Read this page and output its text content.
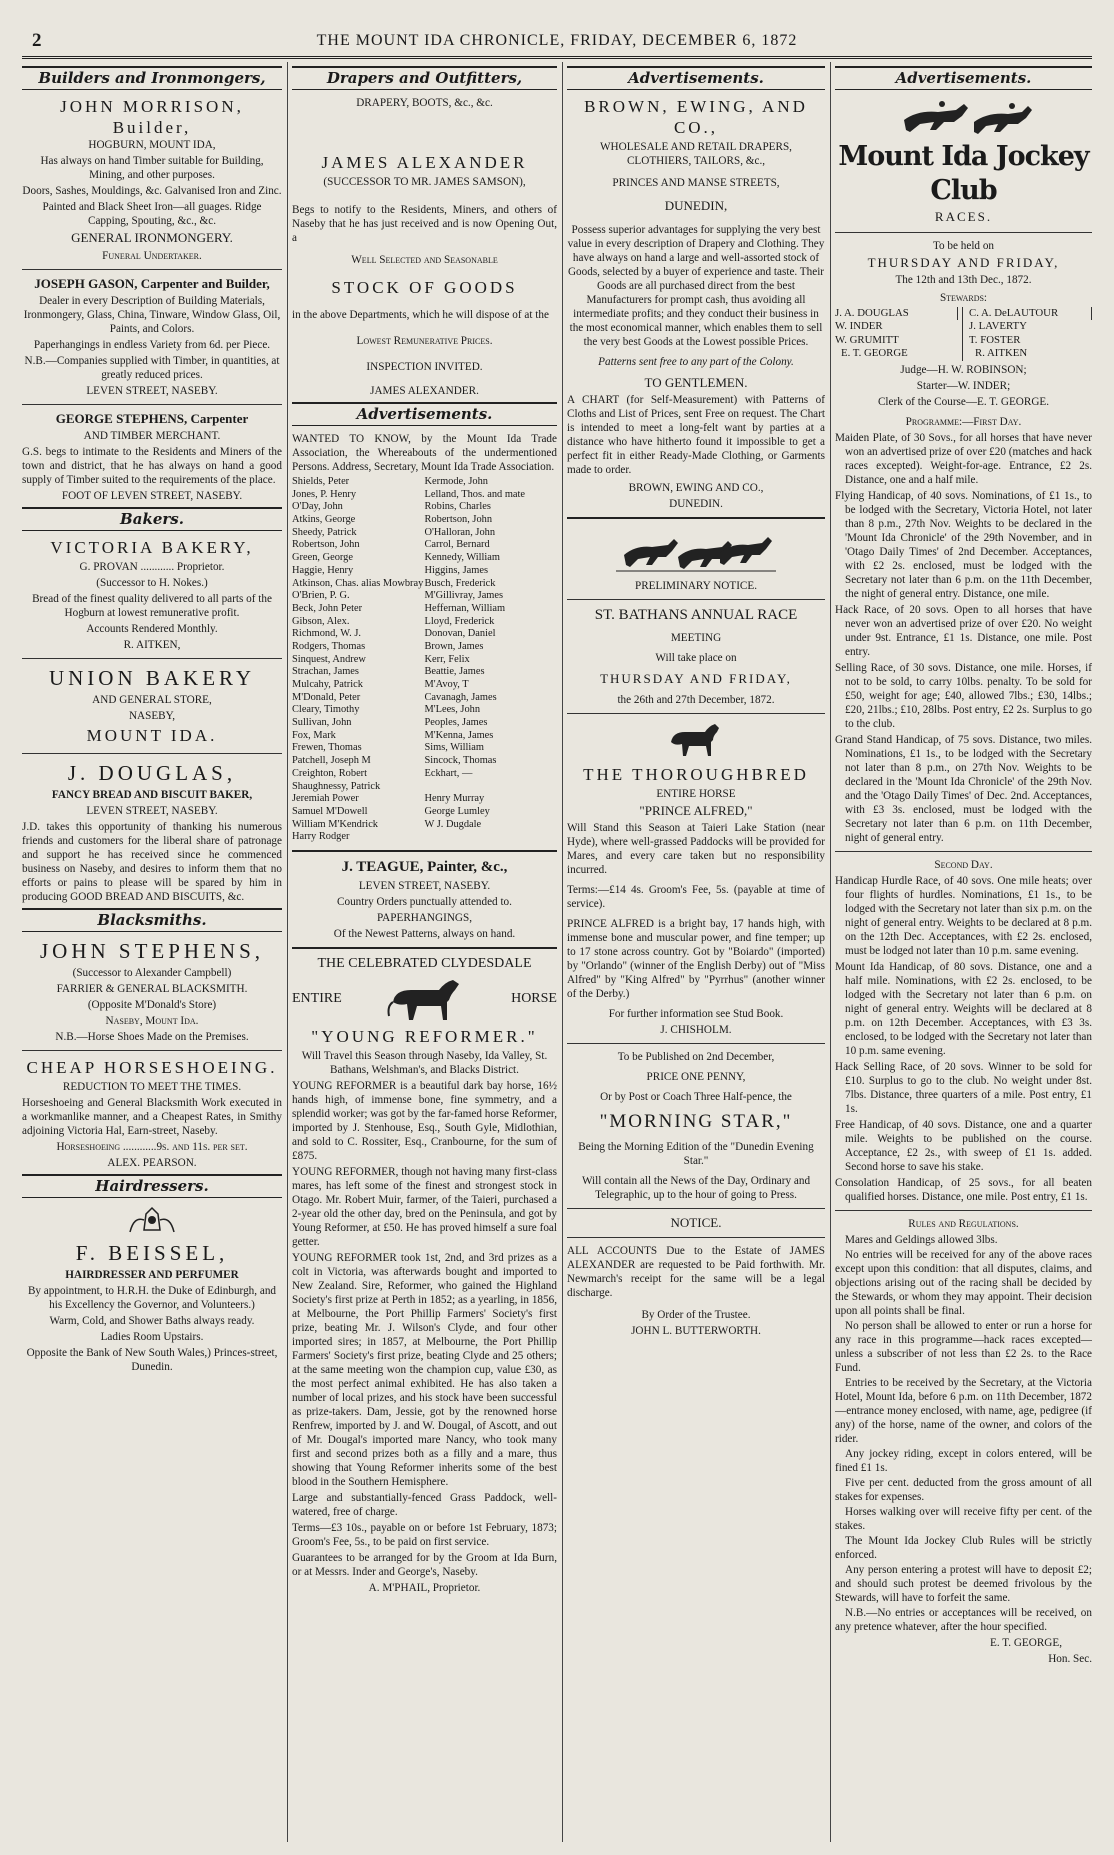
2	THE MOUNT IDA CHRONICLE, FRIDAY, DECEMBER 6, 1872
Builders and Ironmongers,
JOHN MORRISON, Builder,
HOGBURN, MOUNT IDA,

Has always on hand Timber suitable for Building, Mining, and other purposes.

Doors, Sashes, Mouldings, &c. Galvanised Iron and Zinc.

Painted and Black Sheet Iron—all guages. Ridge Capping, Spouting, &c., &c.

GENERAL IRONMONGERY.

Funeral Undertaker.

JOSEPH GASON, Carpenter and Builder,

Dealer in every Description of Building Materials, Ironmongery, Glass, China, Tinware, Window Glass, Oil, Paints, and Colors.

Paperhangings in endless Variety from 6d. per Piece.

N.B.—Companies supplied with Timber, in quantities, at greatly reduced prices.

LEVEN STREET, NASEBY.

GEORGE STEPHENS, Carpenter

AND TIMBER MERCHANT.

G.S. begs to intimate to the Residents and Miners of the town and district, that he has always on hand a good supply of Timber suited to the requirements of the place.

FOOT OF LEVEN STREET, NASEBY.

Bakers.
VICTORIA BAKERY,

G. PROVAN ............ Proprietor.

(Successor to H. Nokes.)

Bread of the finest quality delivered to all parts of the Hogburn at lowest remunerative profit.

Accounts Rendered Monthly.

R. AITKEN,

UNION BAKERY

AND GENERAL STORE,

NASEBY,

MOUNT IDA.

J. DOUGLAS,

FANCY BREAD AND BISCUIT BAKER,

LEVEN STREET, NASEBY.

J.D. takes this opportunity of thanking his numerous friends and customers for the liberal share of patronage and support he has received since he commenced business on Naseby, and desires to inform them that no efforts or pains to please will be spared by him in producing GOOD BREAD AND BISCUITS, &c.

Blacksmiths.
JOHN STEPHENS,

(Successor to Alexander Campbell)

FARRIER & GENERAL BLACKSMITH.

(Opposite M'Donald's Store)

Naseby, Mount Ida.

N.B.—Horse Shoes Made on the Premises.

CHEAP HORSESHOEING.

REDUCTION TO MEET THE TIMES.

Horseshoeing and General Blacksmith Work executed in a workmanlike manner, and a Cheapest Rates, in Smithy adjoining Victoria Hal, Earn-street, Naseby.

Horseshoeing ............9s. and 11s. per set.

ALEX. PEARSON.

Hairdressers.
F. BEISSEL,

HAIRDRESSER AND PERFUMER

By appointment, to H.R.H. the Duke of Edinburgh, and his Excellency the Governor, and Volunteers.)

Warm, Cold, and Shower Baths always ready.

Ladies Room Upstairs.

Opposite the Bank of New South Wales,) Princes-street, Dunedin.

Drapers and Outfitters,

DRAPERY, BOOTS, &c., &c.

JAMES ALEXANDER

(SUCCESSOR TO MR. JAMES SAMSON),

Begs to notify to the Residents, Miners, and others of Naseby that he has just received and is now Opening Out, a

Well Selected and Seasonable

STOCK OF GOODS

in the above Departments, which he will dispose of at the

Lowest Remunerative Prices.

INSPECTION INVITED.

JAMES ALEXANDER.

Advertisements.

WANTED TO KNOW, by the Mount Ida Trade Association, the Whereabouts of the undermentioned Persons. Address, Secretary, Mount Ida Trade Association.

Shields, Peter
Jones, P. Henry
O'Day, John
Atkins, George
Sheedy, Patrick
Robertson, John
Green, George
Haggie, Henry
Atkinson, Chas. alias Mowbray
O'Brien, P. G.
Beck, John Peter
Gibson, Alex.
Richmond, W. J.
Rodgers, Thomas
Sinquest, Andrew
Strachan, James
Mulcahy, Patrick
M'Donald, Peter
Cleary, Timothy
Sullivan, John
Fox, Mark
Frewen, Thomas
Patchell, Joseph M
Creighton, Robert
Shaughnessy, Patrick
Jeremiah Power
Samuel M'Dowell
William M'Kendrick
Harry Rodger
Kermode, John
Lelland, Thos. and mate
Robins, Charles
Robertson, John
O'Halloran, John
Carrol, Bernard
Kennedy, William
Higgins, James
Busch, Frederick
M'Gillivray, James
Heffernan, William
Lloyd, Frederick
Donovan, Daniel
Brown, James
Kerr, Felix
Beattie, James
M'Avoy, T
Cavanagh, James
M'Lees, John
Peoples, James
M'Kenna, James
Sims, William
Sincock, Thomas
Eckhart, —

Henry Murray
George Lumley
W J. Dugdale
J. TEAGUE, Painter, &c.,

LEVEN STREET, NASEBY.

Country Orders punctually attended to.

PAPERHANGINGS,

Of the Newest Patterns, always on hand.

THE CELEBRATED CLYDESDALE
ENTIRE	HORSE
"YOUNG REFORMER."

Will Travel this Season through Naseby, Ida Valley, St. Bathans, Welshman's, and Blacks District.

YOUNG REFORMER is a beautiful dark bay horse, 16½ hands high, of immense bone, fine symmetry, and a splendid worker; was got by the far-famed horse Reformer, imported by J. Stenhouse, Esq., South Gyle, Midlothian, and sold to C. Rossiter, Esq., Cranbourne, for the sum of £875.

YOUNG REFORMER, though not having many first-class mares, has left some of the finest and strongest stock in Otago. Mr. Robert Muir, farmer, of the Taieri, purchased a 2-year old the other day, bred on the Peninsula, and got by Young Reformer, at £50. He has proved himself a sure foal getter.

YOUNG REFORMER took 1st, 2nd, and 3rd prizes as a colt in Victoria, was afterwards bought and imported to New Zealand. Sire, Reformer, who gained the Highland Society's first prize at Perth in 1852; as a yearling, in 1856, at Melbourne, the Port Phillip Farmers' Society's first prize, beating Mr. J. Wilson's Clyde, and four other imported sires; in 1857, at Melbourne, the Port Phillip Farmers' Society's first prize, beating Clyde and 25 others; at the same meeting won the champion cup, value £30, as the most perfect animal exhibited. He has also taken a number of local prizes, and his stock have been successful as prize-takers. Dam, Jessie, got by the renowned horse Renfrew, imported by J. and W. Dougal, of Ascott, and out of Mr. Dougal's imported mare Nancy, who took many first and second prizes both as a filly and a mare, thus showing that Young Reformer inherits some of the best blood in the Southern Hemisphere.

Large and substantially-fenced Grass Paddock, well-watered, free of charge.

Terms—£3 10s., payable on or before 1st February, 1873; Groom's Fee, 5s., to be paid on first service.

Guarantees to be arranged for by the Groom at Ida Burn, or at Messrs. Inder and George's, Naseby.

A. M'PHAIL, Proprietor.

Advertisements.
BROWN, EWING, AND CO.,

WHOLESALE AND RETAIL DRAPERS, CLOTHIERS, TAILORS, &c.,

PRINCES AND MANSE STREETS,

DUNEDIN,

Possess superior advantages for supplying the very best value in every description of Drapery and Clothing. They have always on hand a large and well-assorted stock of Goods, selected by a buyer of experience and taste. Their Goods are all purchased direct from the best Manufacturers for prompt cash, thus avoiding all intermediate profits; and they conduct their business in the most economical manner, which enables them to sell the very best Goods at the Lowest possible Prices.

Patterns sent free to any part of the Colony.

TO GENTLEMEN.

A CHART (for Self-Measurement) with Patterns of Cloths and List of Prices, sent Free on request. The Chart is intended to meet a long-felt want by parties at a distance who have hitherto found it impossible to get a perfect fit in either Ready-Made Clothing, or Garments made to order.

BROWN, EWING AND CO.,

DUNEDIN.

PRELIMINARY NOTICE.

ST. BATHANS ANNUAL RACE

MEETING

Will take place on

THURSDAY AND FRIDAY,

the 26th and 27th December, 1872.

THE THOROUGHBRED

ENTIRE HORSE

"PRINCE ALFRED,"

Will Stand this Season at Taieri Lake Station (near Hyde), where well-grassed Paddocks will be provided for Mares, and every care taken but no responsibility incurred.

Terms:—£14 4s. Groom's Fee, 5s. (payable at time of service).

PRINCE ALFRED is a bright bay, 17 hands high, with immense bone and muscular power, and fine temper; up to 17 stone across country. Got by "Boiardo" (imported) by "Orlando" (winner of the English Derby) out of "Miss Alfred" by "King Alfred" by "Pyrrhus" (another winner of the Derby.)

For further information see Stud Book.

J. CHISHOLM.

To be Published on 2nd December,

PRICE ONE PENNY,

Or by Post or Coach Three Half-pence, the

"MORNING STAR,"

Being the Morning Edition of the "Dunedin Evening Star."

Will contain all the News of the Day, Ordinary and Telegraphic, up to the hour of going to Press.

NOTICE.

ALL ACCOUNTS Due to the Estate of JAMES ALEXANDER are requested to be Paid forthwith. Mr. Newmarch's receipt for the same will be a legal discharge.

By Order of the Trustee.

JOHN L. BUTTERWORTH.

Advertisements.
Mount Ida Jockey Club

RACES.

To be held on

THURSDAY AND FRIDAY,

The 12th and 13th Dec., 1872.

Stewards:

J. A. DOUGLAS
W. INDER
W. GRUMITT
E. T. GEORGE
C. A. DeLAUTOUR
J. LAVERTY
T. FOSTER
R. AITKEN

Judge—H. W. ROBINSON;

Starter—W. INDER;

Clerk of the Course—E. T. GEORGE.

Programme:—First Day.

Maiden Plate, of 30 Sovs., for all horses that have never won an advertised prize of over £20 (matches and hack races excepted). Weight-for-age. Entrance, £2 2s. Distance, one and a half mile.
Flying Handicap, of 40 sovs. Nominations, of £1 1s., to be lodged with the Secretary, Victoria Hotel, not later than 8 p.m., 27th Nov. Weights to be declared in the 'Mount Ida Chronicle' of the 29th November, and in 'Otago Daily Times' of 2nd December. Acceptances, with £2 2s. enclosed, must be lodged with the Secretary not later than 6 p.m. on the 11th December, the night of general entry. Distance, one mile.
Hack Race, of 20 sovs. Open to all horses that have never won an advertised prize of over £20. No weight under 9st. Entrance, £1 1s. Distance, one mile. Post entry.
Selling Race, of 30 sovs. Distance, one mile. Horses, if not to be sold, to carry 10lbs. penalty. To be sold for £50, weight for age; £40, allowed 7lbs.; £30, 14lbs.; £20, 21lbs.; £10, 28lbs. Post entry, £2 2s. Surplus to go to the club.
Grand Stand Handicap, of 75 sovs. Distance, two miles. Nominations, £1 1s., to be lodged with the Secretary not later than 8 p.m., on 27th Nov. Weights to be declared in the 'Mount Ida Chronicle' of the 29th Nov. and the 'Otago Daily Times' of Dec. 2nd. Acceptances, with £3 3s. enclosed, must be lodged with the Secretary not later than 6 p.m. on 11th December, night of general entry.

Second Day.

Handicap Hurdle Race, of 40 sovs. One mile heats; over four flights of hurdles. Nominations, £1 1s., to be lodged with the Secretary not later than six p.m. on the night of general entry. Weights to be declared at 8 p.m. on the 12th Dec. Acceptances, with £2 2s. enclosed, must be lodged not later than 10 p.m. same evening.
Mount Ida Handicap, of 80 sovs. Distance, one and a half mile. Nominations, with £2 2s. enclosed, to be lodged with the Secretary not later than 6 p.m. on night of general entry. Weights will be declared at 8 p.m. on 12th December. Acceptances, with £3 3s. enclosed, to be lodged with the Secretary not later than 10 p.m. same evening.
Hack Selling Race, of 20 sovs. Winner to be sold for £10. Surplus to go to the club. No weight under 8st. 7lbs. Distance, three quarters of a mile. Post entry, £1 1s.
Free Handicap, of 40 sovs. Distance, one and a quarter mile. Weights to be published on the course. Acceptance, £2 2s., with sweep of £1 1s. added. Second horse to save his stake.
Consolation Handicap, of 25 sovs., for all beaten qualified horses. Distance, one mile. Post entry, £1 1s.

Rules and Regulations.

Mares and Geldings allowed 3lbs.
No entries will be received for any of the above races except upon this condition: that all disputes, claims, and objections arising out of the racing shall be decided by the Stewards, or whom they may appoint. Their decision upon all points shall be final.
No person shall be allowed to enter or run a horse for any race in this programme—hack races excepted—unless a subscriber of not less than £2 2s. to the Race Fund.
Entries to be received by the Secretary, at the Victoria Hotel, Mount Ida, before 6 p.m. on 11th December, 1872—entrance money enclosed, with name, age, pedigree (if any) of the horse, name of the owner, and colors of the rider.
Any jockey riding, except in colors entered, will be fined £1 1s.
Five per cent. deducted from the gross amount of all stakes for expenses.
Horses walking over will receive fifty per cent. of the stakes.
The Mount Ida Jockey Club Rules will be strictly enforced.
Any person entering a protest will have to deposit £2; and should such protest be deemed frivolous by the Stewards, will have to forfeit the same.
N.B.—No entries or acceptances will be received, on any pretence whatever, after the hour specified.

E. T. GEORGE,

Hon. Sec.
